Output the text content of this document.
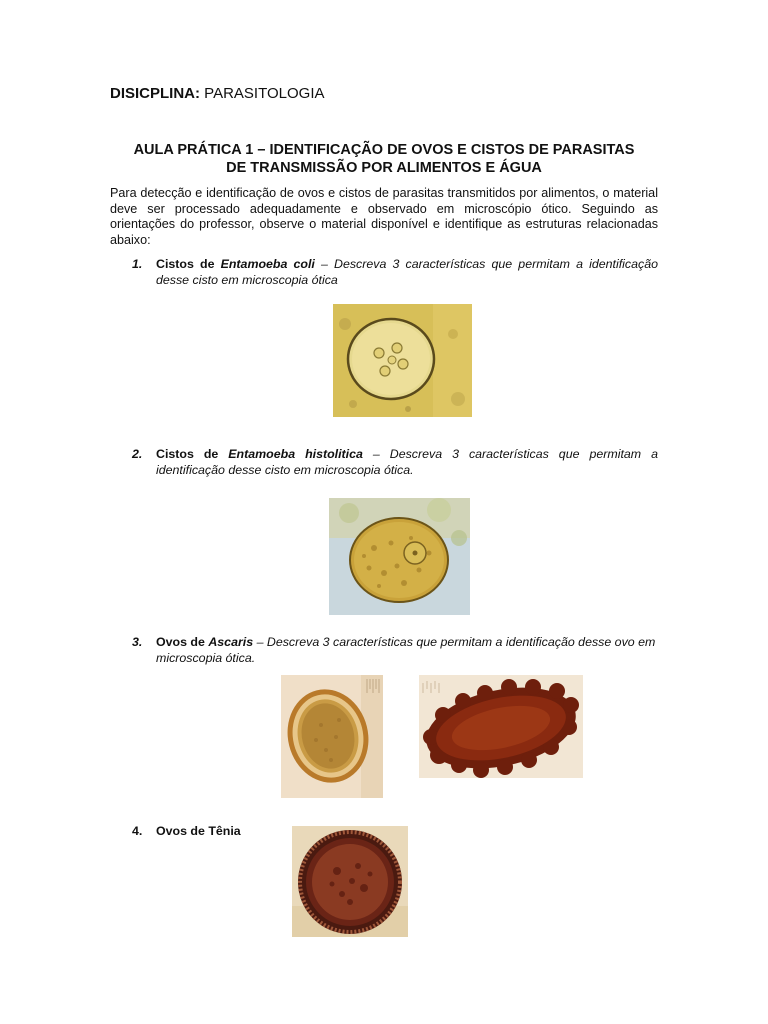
DISICPLINA: PARASITOLOGIA
AULA PRÁTICA 1 – IDENTIFICAÇÃO DE OVOS E CISTOS DE PARASITAS
DE TRANSMISSÃO POR ALIMENTOS E ÁGUA
Para detecção e identificação de ovos e cistos de parasitas transmitidos por alimentos, o material deve ser processado adequadamente e observado em microscópio ótico. Seguindo as orientações do professor, observe o material disponível e identifique as estruturas relacionadas abaixo:
1. Cistos de Entamoeba coli – Descreva 3 características que permitam a identificação desse cisto em microscopia ótica
2. Cistos de Entamoeba histolitica – Descreva 3 características que permitam a identificação desse cisto em microscopia ótica.
3. Ovos de Ascaris – Descreva 3 características que permitam a identificação desse ovo em microscopia ótica.
4. Ovos de Tênia
